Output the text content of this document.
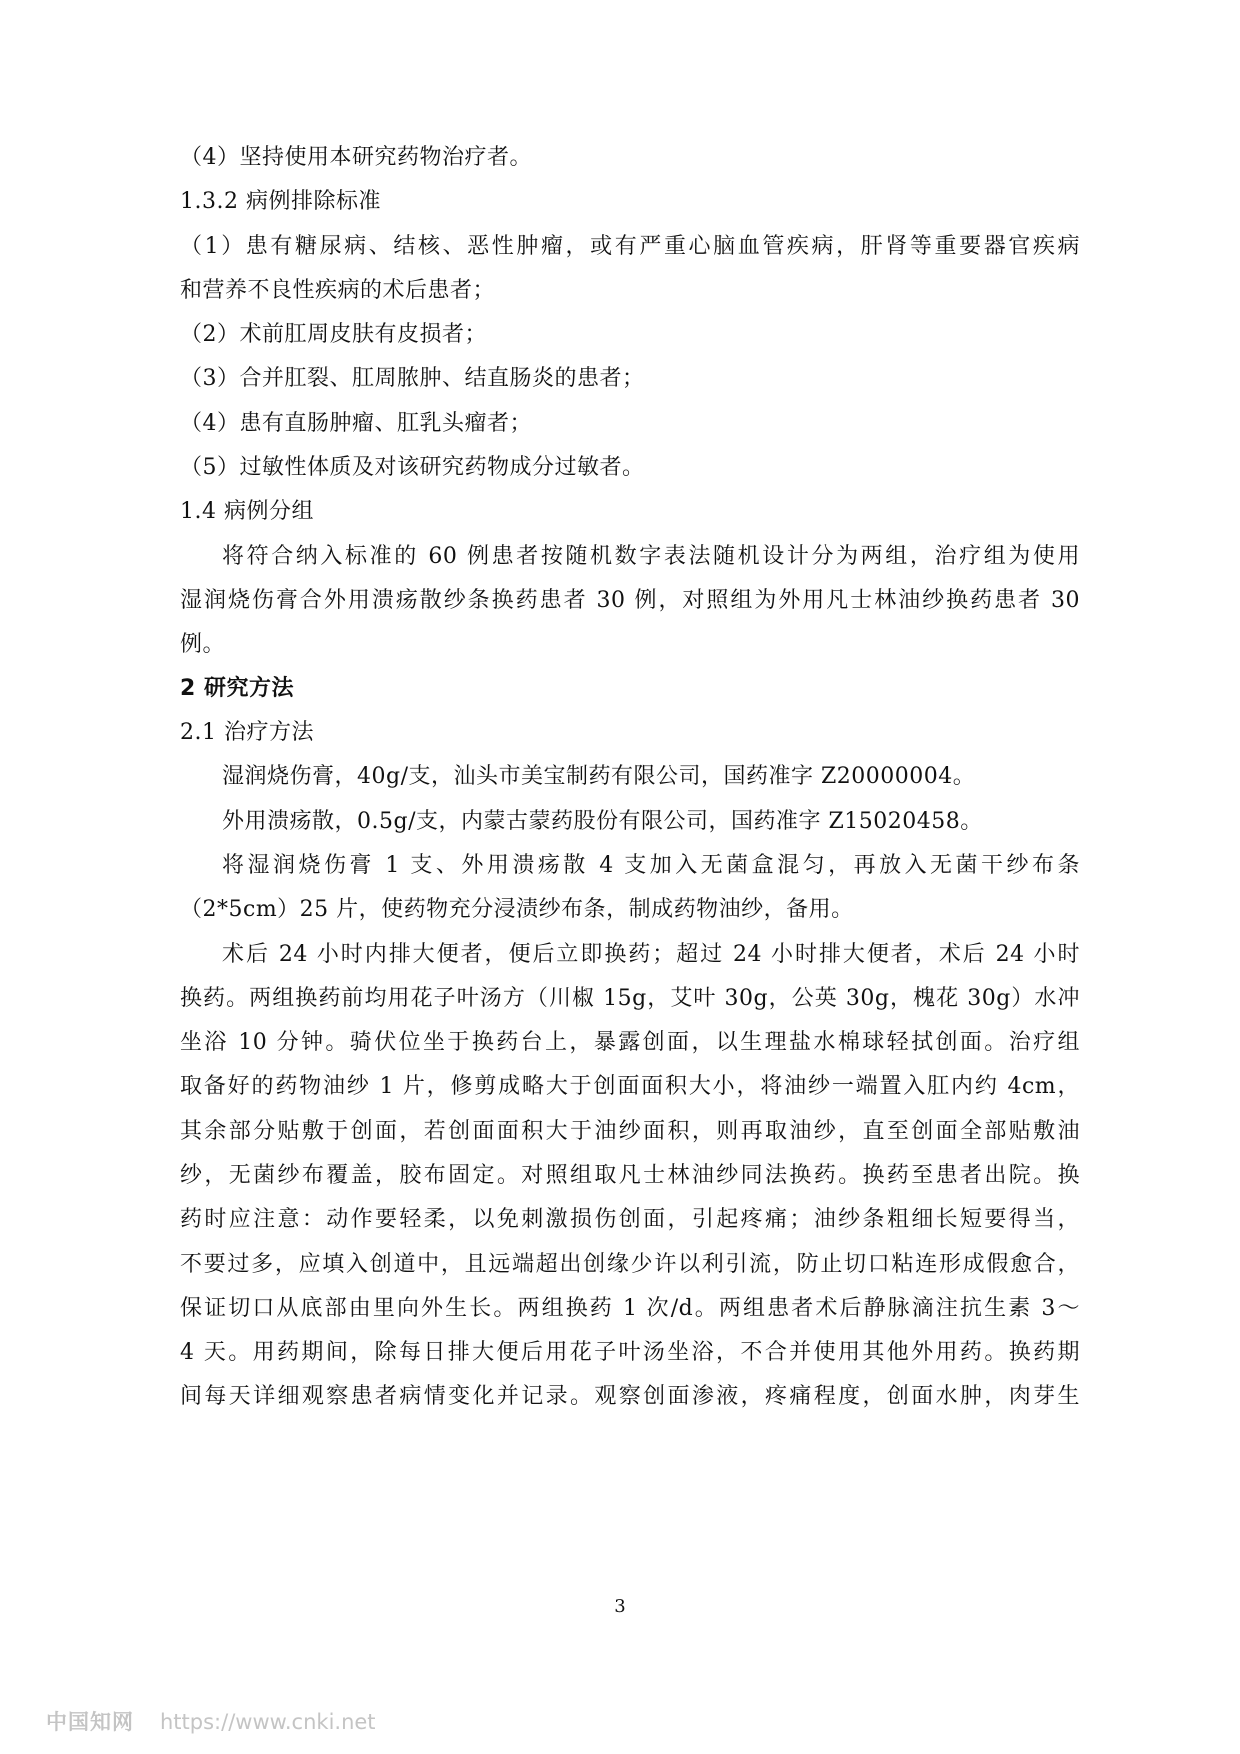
（4）坚持使用本研究药物治疗者。
1.3.2 病例排除标准
（1）患有糖尿病、结核、恶性肿瘤，或有严重心脑血管疾病，肝肾等重要器官疾病
和营养不良性疾病的术后患者；
（2）术前肛周皮肤有皮损者；
（3）合并肛裂、肛周脓肿、结直肠炎的患者；
（4）患有直肠肿瘤、肛乳头瘤者；
（5）过敏性体质及对该研究药物成分过敏者。
1.4 病例分组
将符合纳入标准的 60 例患者按随机数字表法随机设计分为两组，治疗组为使用
湿润烧伤膏合外用溃疡散纱条换药患者 30 例，对照组为外用凡士林油纱换药患者 30
例。
2 研究方法
2.1 治疗方法
湿润烧伤膏，40g/支，汕头市美宝制药有限公司，国药准字 Z20000004。
外用溃疡散，0.5g/支，内蒙古蒙药股份有限公司，国药准字 Z15020458。
将湿润烧伤膏 1 支、外用溃疡散 4 支加入无菌盒混匀，再放入无菌干纱布条
（2*5cm）25 片，使药物充分浸渍纱布条，制成药物油纱，备用。
术后 24 小时内排大便者，便后立即换药；超过 24 小时排大便者，术后 24 小时
换药。两组换药前均用花子叶汤方（川椒 15g，艾叶 30g，公英 30g，槐花 30g）水冲
坐浴 10 分钟。骑伏位坐于换药台上，暴露创面，以生理盐水棉球轻拭创面。治疗组
取备好的药物油纱 1 片，修剪成略大于创面面积大小，将油纱一端置入肛内约 4cm，
其余部分贴敷于创面，若创面面积大于油纱面积，则再取油纱，直至创面全部贴敷油
纱，无菌纱布覆盖，胶布固定。对照组取凡士林油纱同法换药。换药至患者出院。换
药时应注意：动作要轻柔，以免刺激损伤创面，引起疼痛；油纱条粗细长短要得当，
不要过多，应填入创道中，且远端超出创缘少许以利引流，防止切口粘连形成假愈合，
保证切口从底部由里向外生长。两组换药 1 次/d。两组患者术后静脉滴注抗生素 3～
4 天。用药期间，除每日排大便后用花子叶汤坐浴，不合并使用其他外用药。换药期
间每天详细观察患者病情变化并记录。观察创面渗液，疼痛程度，创面水肿，肉芽生
3
中国知网 https://www.cnki.net
